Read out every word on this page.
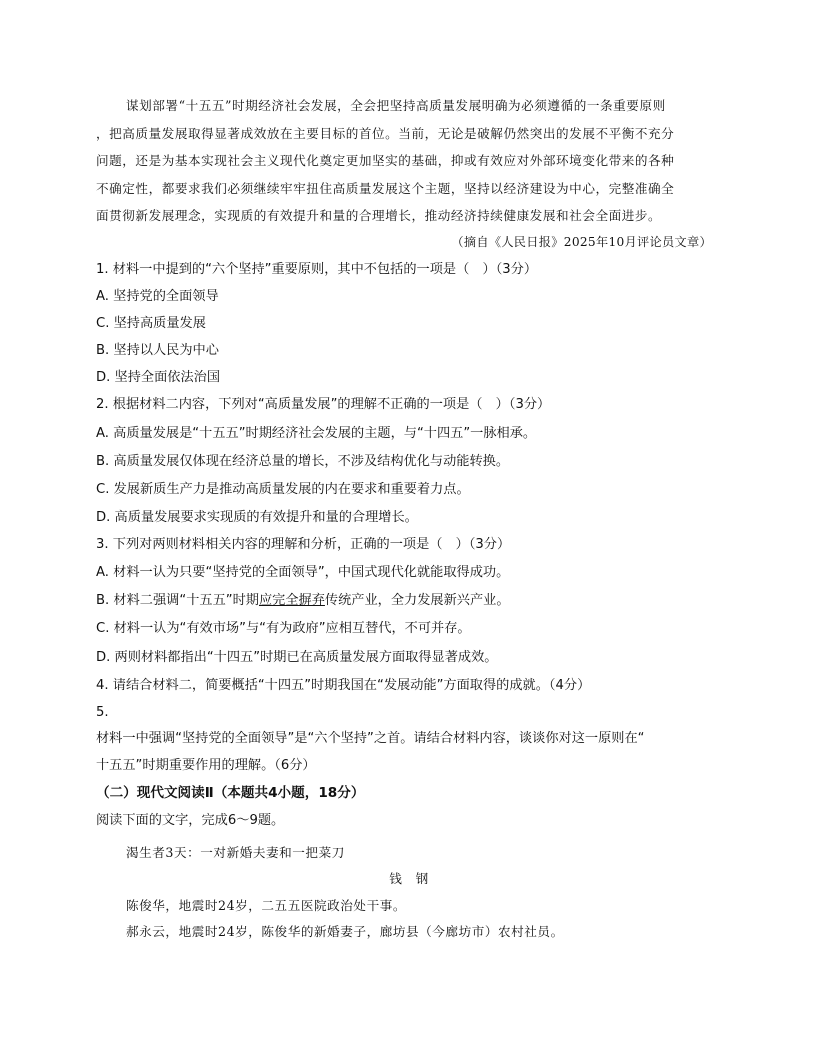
谋划部署“十五五”时期经济社会发展，全会把坚持高质量发展明确为必须遵循的一条重要原则
，把高质量发展取得显著成效放在主要目标的首位。当前，无论是破解仍然突出的发展不平衡不充分
问题，还是为基本实现社会主义现代化奠定更加坚实的基础，抑或有效应对外部环境变化带来的各种
不确定性，都要求我们必须继续牢牢扭住高质量发展这个主题，坚持以经济建设为中心，完整准确全
面贯彻新发展理念，实现质的有效提升和量的合理增长，推动经济持续健康发展和社会全面进步。
（摘自《人民日报》2025年10月评论员文章）
1. 材料一中提到的“六个坚持”重要原则，其中不包括的一项是（　）（3分）
A. 坚持党的全面领导
C. 坚持高质量发展
B. 坚持以人民为中心
D. 坚持全面依法治国
2. 根据材料二内容，下列对“高质量发展”的理解不正确的一项是（　）（3分）
A. 高质量发展是“十五五”时期经济社会发展的主题，与“十四五”一脉相承。
B. 高质量发展仅体现在经济总量的增长，不涉及结构优化与动能转换。
C. 发展新质生产力是推动高质量发展的内在要求和重要着力点。
D. 高质量发展要求实现质的有效提升和量的合理增长。
3. 下列对两则材料相关内容的理解和分析，正确的一项是（　）（3分）
A. 材料一认为只要“坚持党的全面领导”，中国式现代化就能取得成功。
B. 材料二强调“十五五”时期应完全摒弃传统产业，全力发展新兴产业。
C. 材料一认为“有效市场”与“有为政府”应相互替代，不可并存。
D. 两则材料都指出“十四五”时期已在高质量发展方面取得显著成效。
4. 请结合材料二，简要概括“十四五”时期我国在“发展动能”方面取得的成就。（4分）
5.
材料一中强调“坚持党的全面领导”是“六个坚持”之首。请结合材料内容，谈谈你对这一原则在“
十五五”时期重要作用的理解。（6分）
（二）现代文阅读Ⅱ（本题共4小题，18分）
阅读下面的文字，完成6～9题。
渴生者3天：一对新婚夫妻和一把菜刀
钱　钢
陈俊华，地震时24岁，二五五医院政治处干事。
郝永云，地震时24岁，陈俊华的新婚妻子，廊坊县（今廊坊市）农村社员。
